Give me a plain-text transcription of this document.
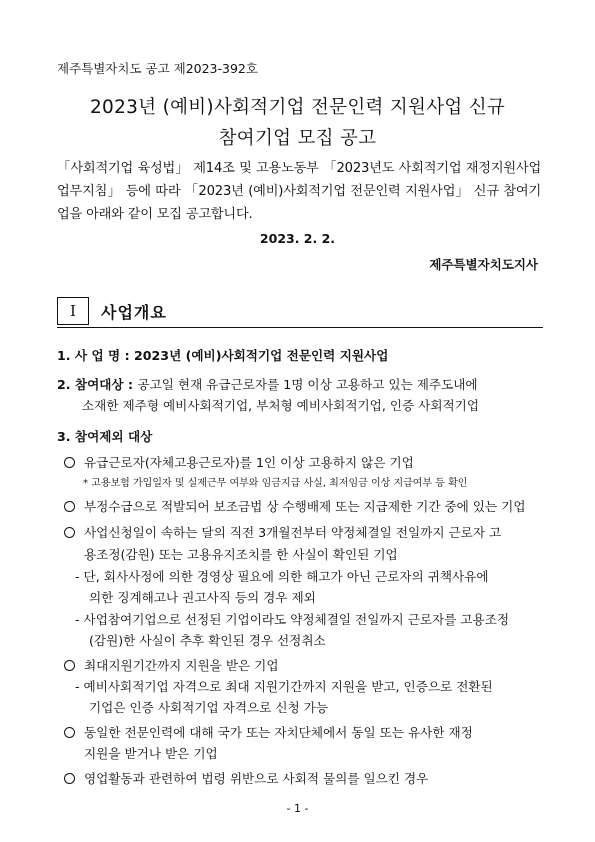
제주특별자치도 공고 제2023-392호
2023년 (예비)사회적기업 전문인력 지원사업 신규
참여기업 모집 공고
「사회적기업 육성법」 제14조 및 고용노동부 「2023년도 사회적기업 재정지원사업 업무지침」 등에 따라 「2023년 (예비)사회적기업 전문인력 지원사업」 신규 참여기업을 아래와 같이 모집 공고합니다.
2023. 2. 2.
제주특별자치도지사
Ⅰ	사업개요
1. 사 업 명 : 2023년 (예비)사회적기업 전문인력 지원사업
2. 참여대상 : 공고일 현재 유급근로자를 1명 이상 고용하고 있는 제주도내에
소재한 제주형 예비사회적기업, 부처형 예비사회적기업, 인증 사회적기업
3. 참여제외 대상
유급근로자(자체고용근로자)를 1인 이상 고용하지 않은 기업
* 고용보험 가입일자 및 실제근무 여부와 임금지급 사실, 최저임금 이상 지급여부 등 확인
부정수급으로 적발되어 보조금법 상 수행배제 또는 지급제한 기간 중에 있는 기업
사업신청일이 속하는 달의 직전 3개월전부터 약정체결일 전일까지 근로자 고
용조정(감원) 또는 고용유지조치를 한 사실이 확인된 기업
- 단, 회사사정에 의한 경영상 필요에 의한 해고가 아닌 근로자의 귀책사유에
의한 징계해고나 권고사직 등의 경우 제외
- 사업참여기업으로 선정된 기업이라도 약정체결일 전일까지 근로자를 고용조정
(감원)한 사실이 추후 확인된 경우 선정취소
최대지원기간까지 지원을 받은 기업
- 예비사회적기업 자격으로 최대 지원기간까지 지원을 받고, 인증으로 전환된
기업은 인증 사회적기업 자격으로 신청 가능
동일한 전문인력에 대해 국가 또는 자치단체에서 동일 또는 유사한 재정
지원을 받거나 받은 기업
영업활동과 관련하여 법령 위반으로 사회적 물의를 일으킨 경우
- 1 -
